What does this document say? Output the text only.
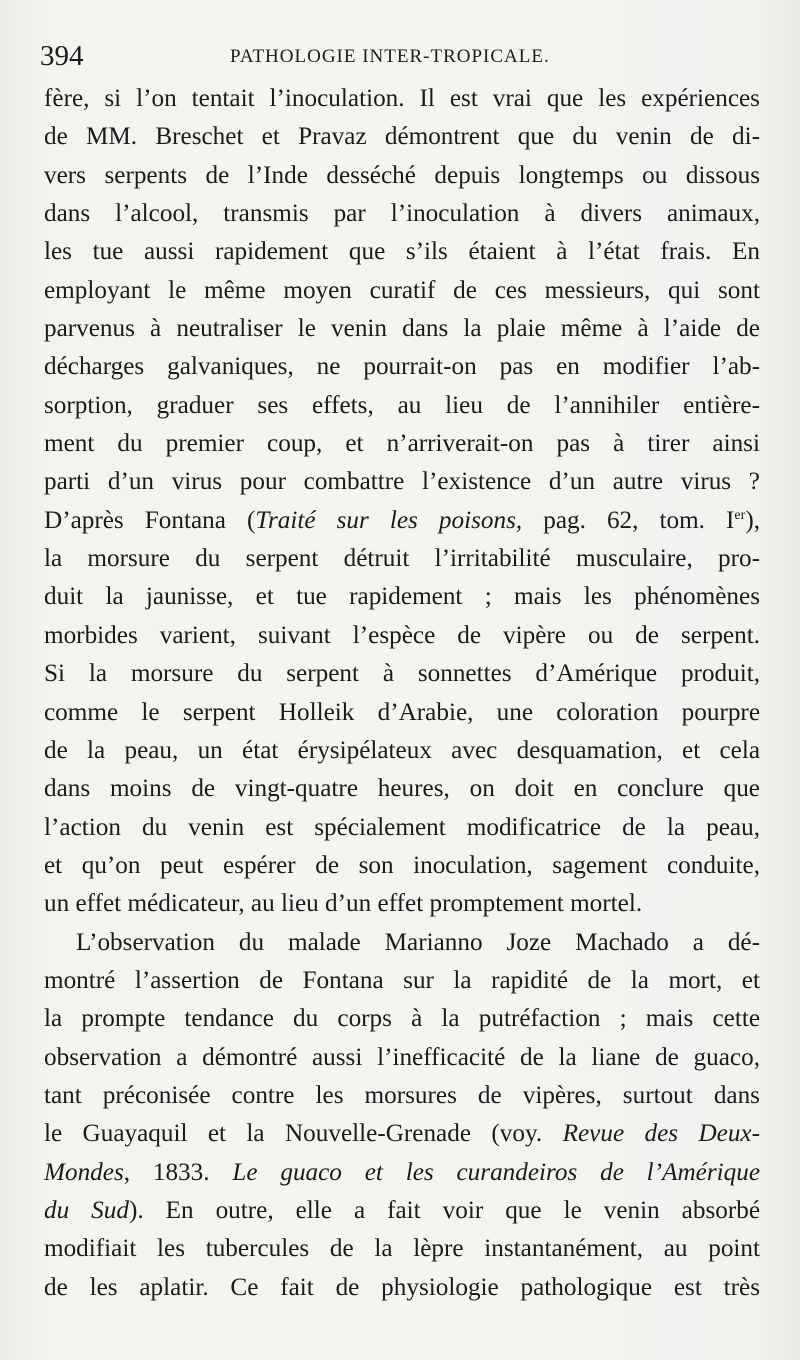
394	PATHOLOGIE INTER-TROPICALE.
fère, si l’on tentait l’inoculation. Il est vrai que les expériences
de MM. Breschet et Pravaz démontrent que du venin de di-
vers serpents de l’Inde desséché depuis longtemps ou dissous
dans l’alcool, transmis par l’inoculation à divers animaux,
les tue aussi rapidement que s’ils étaient à l’état frais. En
employant le même moyen curatif de ces messieurs, qui sont
parvenus à neutraliser le venin dans la plaie même à l’aide de
décharges galvaniques, ne pourrait-on pas en modifier l’ab-
sorption, graduer ses effets, au lieu de l’annihiler entière-
ment du premier coup, et n’arriverait-on pas à tirer ainsi
parti d’un virus pour combattre l’existence d’un autre virus ?
D’après Fontana (Traité sur les poisons, pag. 62, tom. Ier),
la morsure du serpent détruit l’irritabilité musculaire, pro-
duit la jaunisse, et tue rapidement ; mais les phénomènes
morbides varient, suivant l’espèce de vipère ou de serpent.
Si la morsure du serpent à sonnettes d’Amérique produit,
comme le serpent Holleik d’Arabie, une coloration pourpre
de la peau, un état érysipélateux avec desquamation, et cela
dans moins de vingt-quatre heures, on doit en conclure que
l’action du venin est spécialement modificatrice de la peau,
et qu’on peut espérer de son inoculation, sagement conduite,
un effet médicateur, au lieu d’un effet promptement mortel.
L’observation du malade Marianno Joze Machado a dé-
montré l’assertion de Fontana sur la rapidité de la mort, et
la prompte tendance du corps à la putréfaction ; mais cette
observation a démontré aussi l’inefficacité de la liane de guaco,
tant préconisée contre les morsures de vipères, surtout dans
le Guayaquil et la Nouvelle-Grenade (voy. Revue des Deux-
Mondes, 1833. Le guaco et les curandeiros de l’Amérique
du Sud). En outre, elle a fait voir que le venin absorbé
modifiait les tubercules de la lèpre instantanément, au point
de les aplatir. Ce fait de physiologie pathologique est très
